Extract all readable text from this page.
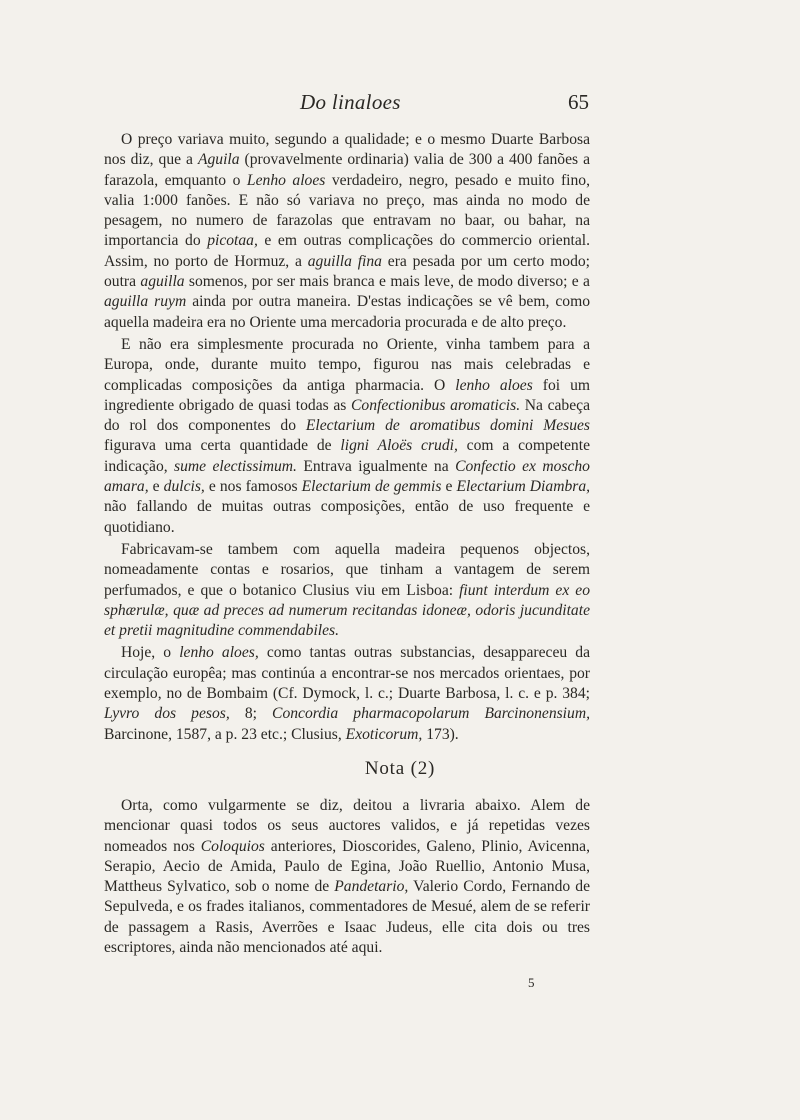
Do linaloes	65

O preço variava muito, segundo a qualidade; e o mesmo Duarte Barbosa nos diz, que a Aguila (provavelmente ordinaria) valia de 300 a 400 fanões a farazola, emquanto o Lenho aloes verdadeiro, negro, pesado e muito fino, valia 1:000 fanões. E não só variava no preço, mas ainda no modo de pesagem, no numero de farazolas que entravam no baar, ou bahar, na importancia do picotaa, e em outras complicações do commercio oriental. Assim, no porto de Hormuz, a aguilla fina era pesada por um certo modo; outra aguilla somenos, por ser mais branca e mais leve, de modo diverso; e a aguilla ruym ainda por outra maneira. D'estas indicações se vê bem, como aquella madeira era no Oriente uma mercadoria procurada e de alto preço.

E não era simplesmente procurada no Oriente, vinha tambem para a Europa, onde, durante muito tempo, figurou nas mais celebradas e complicadas composições da antiga pharmacia. O lenho aloes foi um ingrediente obrigado de quasi todas as Confectionibus aromaticis. Na cabeça do rol dos componentes do Electarium de aromatibus domini Mesues figurava uma certa quantidade de ligni Aloës crudi, com a competente indicação, sume electissimum. Entrava igualmente na Confectio ex moscho amara, e dulcis, e nos famosos Electarium de gemmis e Electarium Diambra, não fallando de muitas outras composições, então de uso frequente e quotidiano.

Fabricavam-se tambem com aquella madeira pequenos objectos, nomeadamente contas e rosarios, que tinham a vantagem de serem perfumados, e que o botanico Clusius viu em Lisboa: fiunt interdum ex eo sphærulæ, quæ ad preces ad numerum recitandas idoneæ, odoris jucunditate et pretii magnitudine commendabiles.

Hoje, o lenho aloes, como tantas outras substancias, desappareceu da circulação europêa; mas continúa a encontrar-se nos mercados orientaes, por exemplo, no de Bombaim (Cf. Dymock, l. c.; Duarte Barbosa, l. c. e p. 384; Lyvro dos pesos, 8; Concordia pharmacopolarum Barcinonensium, Barcinone, 1587, a p. 23 etc.; Clusius, Exoticorum, 173).

Nota (2)

Orta, como vulgarmente se diz, deitou a livraria abaixo. Alem de mencionar quasi todos os seus auctores validos, e já repetidas vezes nomeados nos Coloquios anteriores, Dioscorides, Galeno, Plinio, Avicenna, Serapio, Aecio de Amida, Paulo de Egina, João Ruellio, Antonio Musa, Mattheus Sylvatico, sob o nome de Pandetario, Valerio Cordo, Fernando de Sepulveda, e os frades italianos, commentadores de Mesué, alem de se referir de passagem a Rasis, Averrões e Isaac Judeus, elle cita dois ou tres escriptores, ainda não mencionados até aqui.

5
